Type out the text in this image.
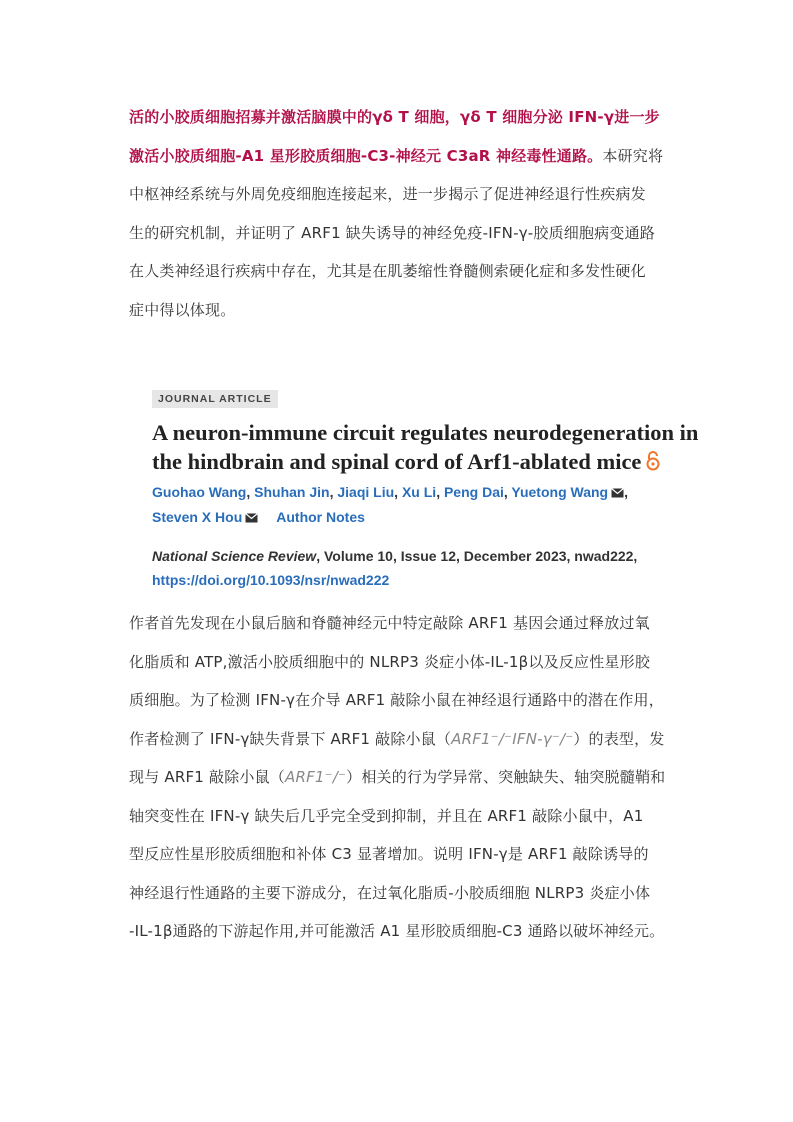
活的小胶质细胞招募并激活脑膜中的γδ T 细胞，γδ T 细胞分泌 IFN-γ进一步
激活小胶质细胞-A1 星形胶质细胞-C3-神经元 C3aR 神经毒性通路。本研究将
中枢神经系统与外周免疫细胞连接起来，进一步揭示了促进神经退行性疾病发
生的研究机制，并证明了 ARF1 缺失诱导的神经免疫-IFN-γ-胶质细胞病变通路
在人类神经退行疾病中存在，尤其是在肌萎缩性脊髓侧索硬化症和多发性硬化
症中得以体现。
JOURNAL ARTICLE
A neuron-immune circuit regulates neurodegeneration in
the hindbrain and spinal cord of Arf1-ablated mice
Guohao Wang, Shuhan Jin, Jiaqi Liu, Xu Li, Peng Dai, Yuetong Wang ,
Steven X Hou Author Notes
National Science Review, Volume 10, Issue 12, December 2023, nwad222,
https://doi.org/10.1093/nsr/nwad222
作者首先发现在小鼠后脑和脊髓神经元中特定敲除 ARF1 基因会通过释放过氧
化脂质和 ATP,激活小胶质细胞中的 NLRP3 炎症小体-IL-1β以及反应性星形胶
质细胞。为了检测 IFN-γ在介导 ARF1 敲除小鼠在神经退行通路中的潜在作用，
作者检测了 IFN-γ缺失背景下 ARF1 敲除小鼠（ARF1⁻/⁻IFN-γ⁻/⁻）的表型，发
现与 ARF1 敲除小鼠（ARF1⁻/⁻）相关的行为学异常、突触缺失、轴突脱髓鞘和
轴突变性在 IFN-γ 缺失后几乎完全受到抑制，并且在 ARF1 敲除小鼠中，A1
型反应性星形胶质细胞和补体 C3 显著增加。说明 IFN-γ是 ARF1 敲除诱导的
神经退行性通路的主要下游成分，在过氧化脂质-小胶质细胞 NLRP3 炎症小体
-IL-1β通路的下游起作用,并可能激活 A1 星形胶质细胞-C3 通路以破坏神经元。
